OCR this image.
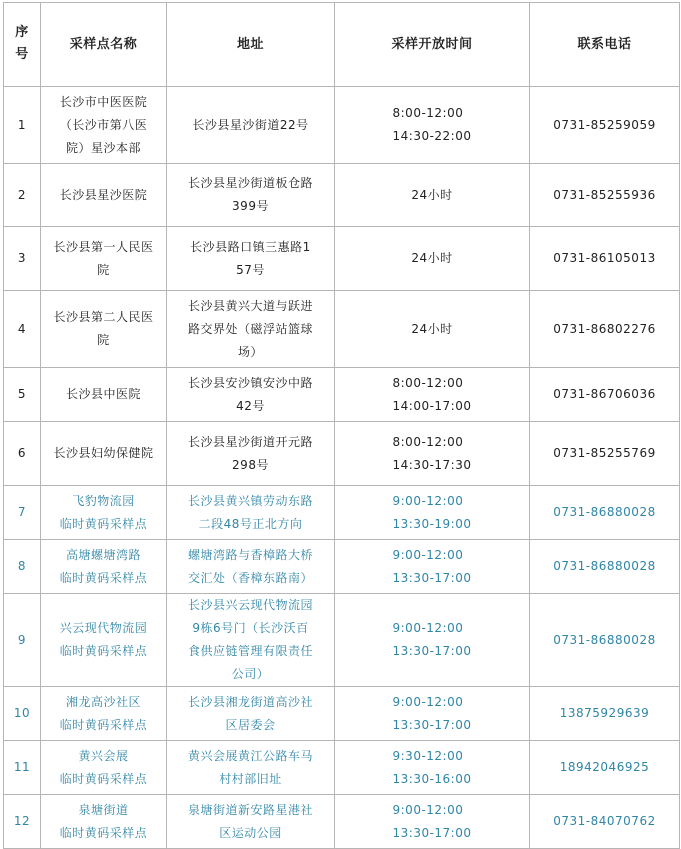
序号	采样点名称	地址	采样开放时间	联系电话
1	长沙市中医医院
（长沙市第八医
院）星沙本部	长沙县星沙街道22号	8:00-12:00
14:30-22:00	0731-85259059
2	长沙县星沙医院	长沙县星沙街道板仓路
399号	24小时	0731-85255936
3	长沙县第一人民医
院	长沙县路口镇三惠路1
57号	24小时	0731-86105013
4	长沙县第二人民医
院	长沙县黄兴大道与跃进
路交界处（磁浮站篮球
场）	24小时	0731-86802276
5	长沙县中医院	长沙县安沙镇安沙中路
42号	8:00-12:00
14:00-17:00	0731-86706036
6	长沙县妇幼保健院	长沙县星沙街道开元路
298号	8:00-12:00
14:30-17:30	0731-85255769
7	飞豹物流园
临时黄码采样点	长沙县黄兴镇劳动东路
二段48号正北方向	9:00-12:00
13:30-19:00	0731-86880028
8	高塘螺塘湾路
临时黄码采样点	螺塘湾路与香樟路大桥
交汇处（香樟东路南）	9:00-12:00
13:30-17:00	0731-86880028
9	兴云现代物流园
临时黄码采样点	长沙县兴云现代物流园
9栋6号门（长沙沃百
食供应链管理有限责任
公司）	9:00-12:00
13:30-17:00	0731-86880028
10	湘龙高沙社区
临时黄码采样点	长沙县湘龙街道高沙社
区居委会	9:00-12:00
13:30-17:00	13875929639
11	黄兴会展
临时黄码采样点	黄兴会展黄江公路车马
村村部旧址	9:30-12:00
13:30-16:00	18942046925
12	泉塘街道
临时黄码采样点	泉塘街道新安路星港社
区运动公园	9:00-12:00
13:30-17:00	0731-84070762
